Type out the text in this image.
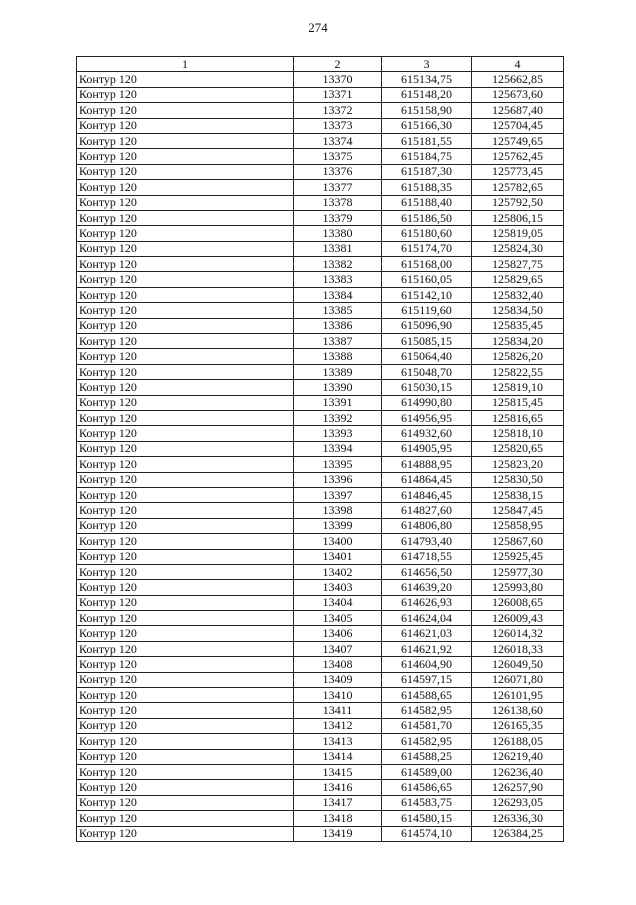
274
1	2	3	4
Контур 120	13370	615134,75	125662,85
Контур 120	13371	615148,20	125673,60
Контур 120	13372	615158,90	125687,40
Контур 120	13373	615166,30	125704,45
Контур 120	13374	615181,55	125749,65
Контур 120	13375	615184,75	125762,45
Контур 120	13376	615187,30	125773,45
Контур 120	13377	615188,35	125782,65
Контур 120	13378	615188,40	125792,50
Контур 120	13379	615186,50	125806,15
Контур 120	13380	615180,60	125819,05
Контур 120	13381	615174,70	125824,30
Контур 120	13382	615168,00	125827,75
Контур 120	13383	615160,05	125829,65
Контур 120	13384	615142,10	125832,40
Контур 120	13385	615119,60	125834,50
Контур 120	13386	615096,90	125835,45
Контур 120	13387	615085,15	125834,20
Контур 120	13388	615064,40	125826,20
Контур 120	13389	615048,70	125822,55
Контур 120	13390	615030,15	125819,10
Контур 120	13391	614990,80	125815,45
Контур 120	13392	614956,95	125816,65
Контур 120	13393	614932,60	125818,10
Контур 120	13394	614905,95	125820,65
Контур 120	13395	614888,95	125823,20
Контур 120	13396	614864,45	125830,50
Контур 120	13397	614846,45	125838,15
Контур 120	13398	614827,60	125847,45
Контур 120	13399	614806,80	125858,95
Контур 120	13400	614793,40	125867,60
Контур 120	13401	614718,55	125925,45
Контур 120	13402	614656,50	125977,30
Контур 120	13403	614639,20	125993,80
Контур 120	13404	614626,93	126008,65
Контур 120	13405	614624,04	126009,43
Контур 120	13406	614621,03	126014,32
Контур 120	13407	614621,92	126018,33
Контур 120	13408	614604,90	126049,50
Контур 120	13409	614597,15	126071,80
Контур 120	13410	614588,65	126101,95
Контур 120	13411	614582,95	126138,60
Контур 120	13412	614581,70	126165,35
Контур 120	13413	614582,95	126188,05
Контур 120	13414	614588,25	126219,40
Контур 120	13415	614589,00	126236,40
Контур 120	13416	614586,65	126257,90
Контур 120	13417	614583,75	126293,05
Контур 120	13418	614580,15	126336,30
Контур 120	13419	614574,10	126384,25
